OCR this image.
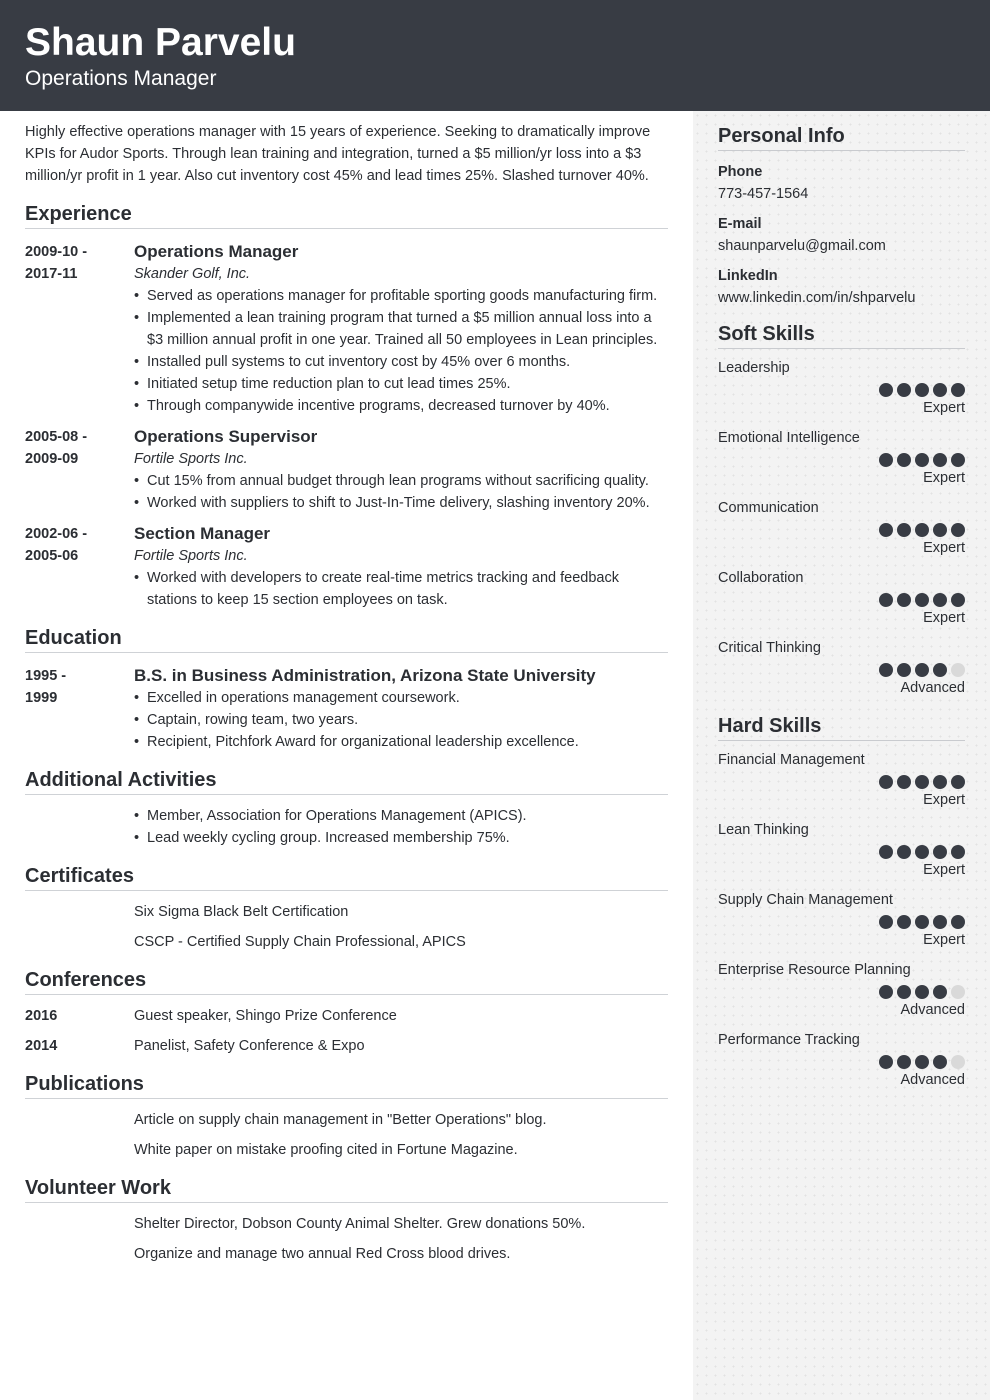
Shaun Parvelu
Operations Manager

Highly effective operations manager with 15 years of experience. Seeking to dramatically improve KPIs for Audor Sports. Through lean training and integration, turned a $5 million/yr loss into a $3 million/yr profit in 1 year. Also cut inventory cost 45% and lead times 25%. Slashed turnover 40%.

Experience
2009-10 -
2017-11
Operations Manager
Skander Golf, Inc.
• Served as operations manager for profitable sporting goods manufacturing firm.
• Implemented a lean training program that turned a $5 million annual loss into a $3 million annual profit in one year. Trained all 50 employees in Lean principles.
• Installed pull systems to cut inventory cost by 45% over 6 months.
• Initiated setup time reduction plan to cut lead times 25%.
• Through companywide incentive programs, decreased turnover by 40%.
2005-08 -
2009-09
Operations Supervisor
Fortile Sports Inc.
• Cut 15% from annual budget through lean programs without sacrificing quality.
• Worked with suppliers to shift to Just-In-Time delivery, slashing inventory 20%.
2002-06 -
2005-06
Section Manager
Fortile Sports Inc.
• Worked with developers to create real-time metrics tracking and feedback stations to keep 15 section employees on task.
Education
1995 -
1999
B.S. in Business Administration, Arizona State University
• Excelled in operations management coursework.
• Captain, rowing team, two years.
• Recipient, Pitchfork Award for organizational leadership excellence.
Additional Activities
• Member, Association for Operations Management (APICS).
• Lead weekly cycling group. Increased membership 75%.
Certificates
Six Sigma Black Belt Certification
CSCP - Certified Supply Chain Professional, APICS
Conferences
2016	Guest speaker, Shingo Prize Conference
2014	Panelist, Safety Conference & Expo
Publications
Article on supply chain management in "Better Operations" blog.
White paper on mistake proofing cited in Fortune Magazine.
Volunteer Work
Shelter Director, Dobson County Animal Shelter. Grew donations 50%.
Organize and manage two annual Red Cross blood drives.
Personal Info
Phone
773-457-1564
E-mail
shaunparvelu@gmail.com
LinkedIn
www.linkedin.com/in/shparvelu
Soft Skills
Leadership
Expert
Emotional Intelligence
Expert
Communication
Expert
Collaboration
Expert
Critical Thinking
Advanced
Hard Skills
Financial Management
Expert
Lean Thinking
Expert
Supply Chain Management
Expert
Enterprise Resource Planning
Advanced
Performance Tracking
Advanced
